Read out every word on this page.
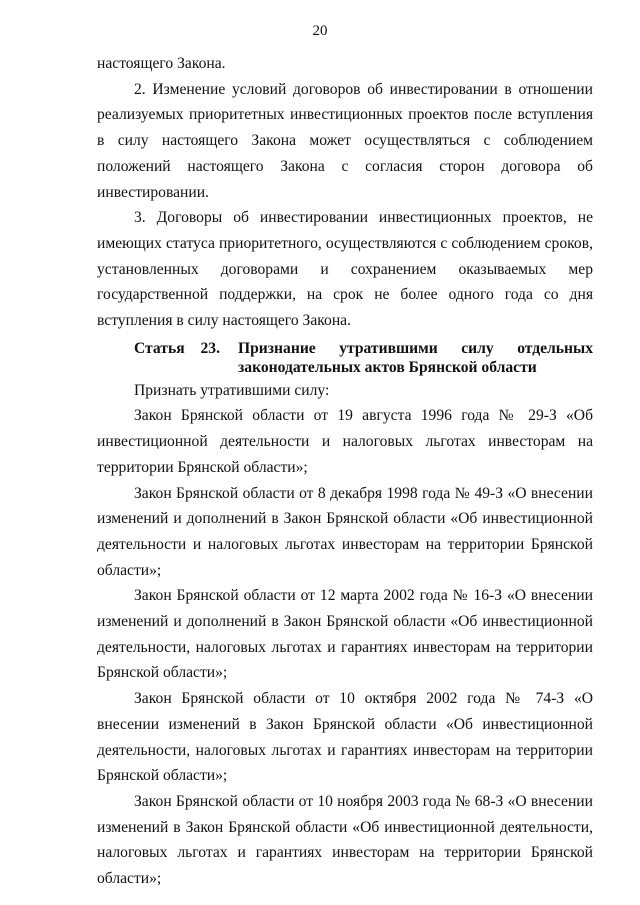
20

настоящего Закона.

2. Изменение условий договоров об инвестировании в отношении реализуемых приоритетных инвестиционных проектов после вступления в силу настоящего Закона может осуществляться с соблюдением положений настоящего Закона с согласия сторон договора об инвестировании.

3. Договоры об инвестировании инвестиционных проектов, не имеющих статуса приоритетного, осуществляются с соблюдением сроков, установленных договорами и сохранением оказываемых мер государственной поддержки, на срок не более одного года со дня вступления в силу настоящего Закона.

Статья 23. Признание утратившими силу отдельных
законодательных актов Брянской области

Признать утратившими силу:

Закон Брянской области от 19 августа 1996 года № 29-З «Об инвестиционной деятельности и налоговых льготах инвесторам на территории Брянской области»;

Закон Брянской области от 8 декабря 1998 года № 49-З «О внесении изменений и дополнений в Закон Брянской области «Об инвестиционной деятельности и налоговых льготах инвесторам на территории Брянской области»;

Закон Брянской области от 12 марта 2002 года № 16-З «О внесении изменений и дополнений в Закон Брянской области «Об инвестиционной деятельности, налоговых льготах и гарантиях инвесторам на территории Брянской области»;

Закон Брянской области от 10 октября 2002 года № 74-З «О внесении изменений в Закон Брянской области «Об инвестиционной деятельности, налоговых льготах и гарантиях инвесторам на территории Брянской области»;

Закон Брянской области от 10 ноября 2003 года № 68-З «О внесении изменений в Закон Брянской области «Об инвестиционной деятельности, налоговых льготах и гарантиях инвесторам на территории Брянской области»;
